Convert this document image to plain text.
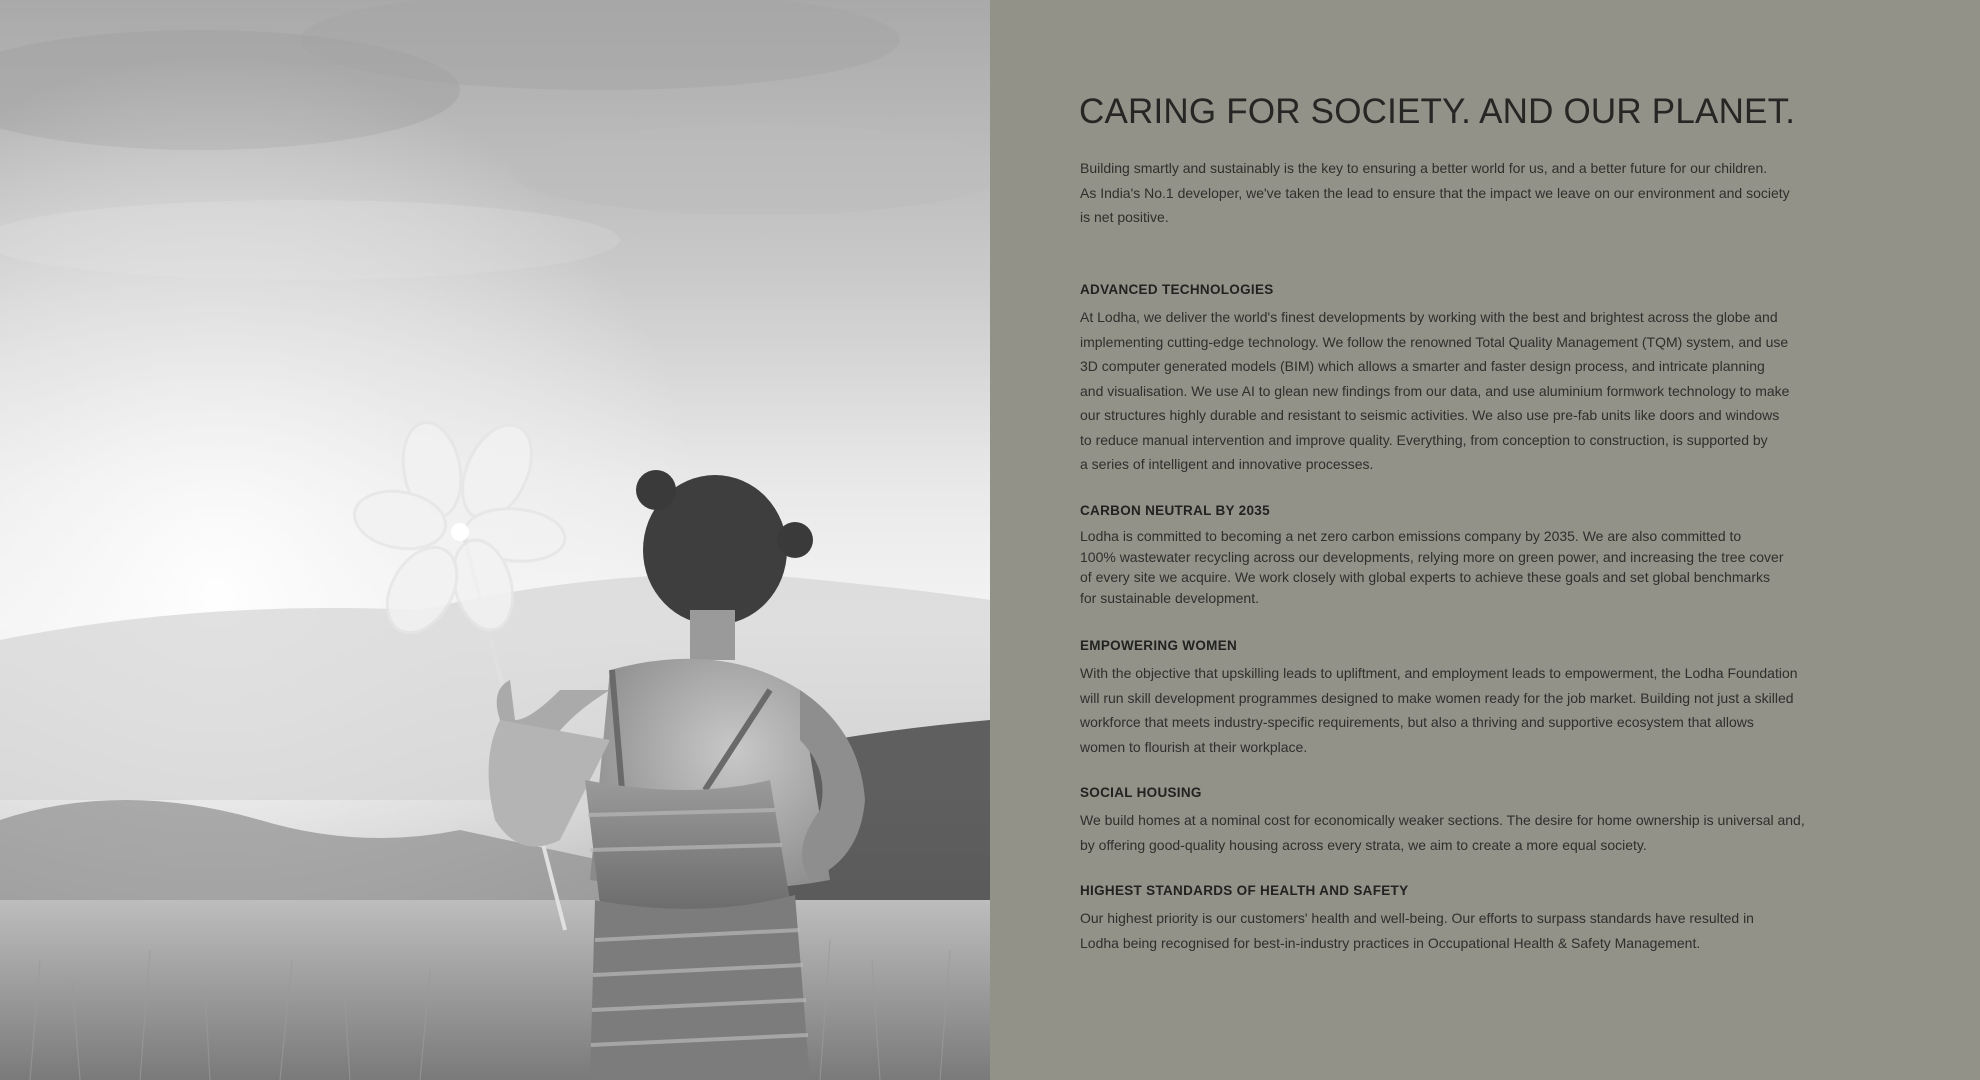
CARING FOR SOCIETY. AND OUR PLANET.
Building smartly and sustainably is the key to ensuring a better world for us, and a better future for our children.
As India's No.1 developer, we've taken the lead to ensure that the impact we leave on our environment and society
is net positive.
ADVANCED TECHNOLOGIES

At Lodha, we deliver the world's finest developments by working with the best and brightest across the globe and
implementing cutting-edge technology. We follow the renowned Total Quality Management (TQM) system, and use
3D computer generated models (BIM) which allows a smarter and faster design process, and intricate planning
and visualisation. We use AI to glean new findings from our data, and use aluminium formwork technology to make
our structures highly durable and resistant to seismic activities. We also use pre-fab units like doors and windows
to reduce manual intervention and improve quality. Everything, from conception to construction, is supported by
a series of intelligent and innovative processes.

CARBON NEUTRAL BY 2035

Lodha is committed to becoming a net zero carbon emissions company by 2035. We are also committed to
100% wastewater recycling across our developments, relying more on green power, and increasing the tree cover
of every site we acquire. We work closely with global experts to achieve these goals and set global benchmarks
for sustainable development.

EMPOWERING WOMEN

With the objective that upskilling leads to upliftment, and employment leads to empowerment, the Lodha Foundation
will run skill development programmes designed to make women ready for the job market. Building not just a skilled
workforce that meets industry-specific requirements, but also a thriving and supportive ecosystem that allows
women to flourish at their workplace.

SOCIAL HOUSING

We build homes at a nominal cost for economically weaker sections. The desire for home ownership is universal and,
by offering good-quality housing across every strata, we aim to create a more equal society.

HIGHEST STANDARDS OF HEALTH AND SAFETY

Our highest priority is our customers' health and well-being. Our efforts to surpass standards have resulted in
Lodha being recognised for best-in-industry practices in Occupational Health & Safety Management.
